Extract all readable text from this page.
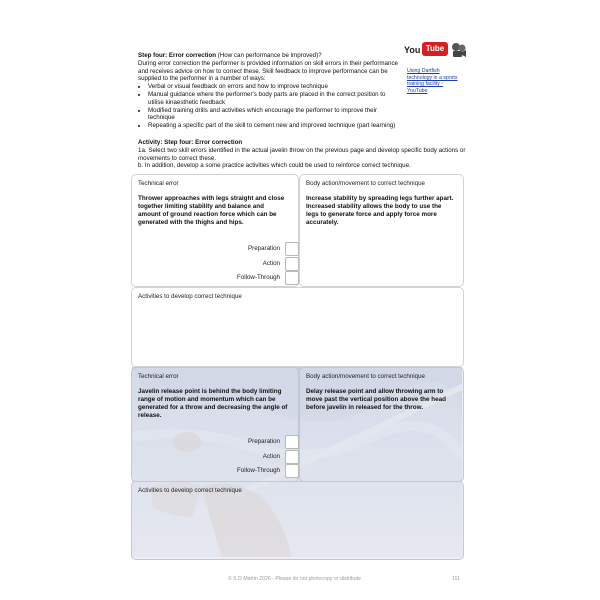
Step four: Error correction (How can performance be improved)?
During error correction the performer is provided information on skill errors in their performance and receives advice on how to correct these. Skill feedback to improve performance can be supplied to the performer in a number of ways:
• Verbal or visual feedback on errors and how to improve technique
• Manual guidance where the performer's body parts are placed in the correct position to utilise kinaesthetic feedback
• Modified training drills and activities which encourage the performer to improve their technique
• Repeating a specific part of the skill to cement new and improved technique (part learning)
You Tube
Using Dartfish technology in a sports training facility - YouTube
Activity: Step four: Error correction
1a. Select two skill errors identified in the actual javelin throw on the previous page and develop specific body actions or movements to correct these.
b. In addition, develop a some practice activities which could be used to reinforce correct technique.
Technical error
Thrower approaches with legs straight and close together limiting stability and balance and amount of ground reaction force which can be generated with the thighs and hips.
Preparation
Action
Follow-Through
Body action/movement to correct technique
Increase stability by spreading legs further apart. Increased stability allows the body to use the legs to generate force and apply force more accurately.
Activities to develop correct technique
Technical error
Javelin release point is behind the body limiting range of motion and momentum which can be generated for a throw and decreasing the angle of release.
Preparation
Action
Follow-Through
Body action/movement to correct technique
Delay release point and allow throwing arm to move past the vertical position above the head before javelin in released for the throw.
Activities to develop correct technique
© S D Martin 2026 - Please do not photocopy or distribute	111
